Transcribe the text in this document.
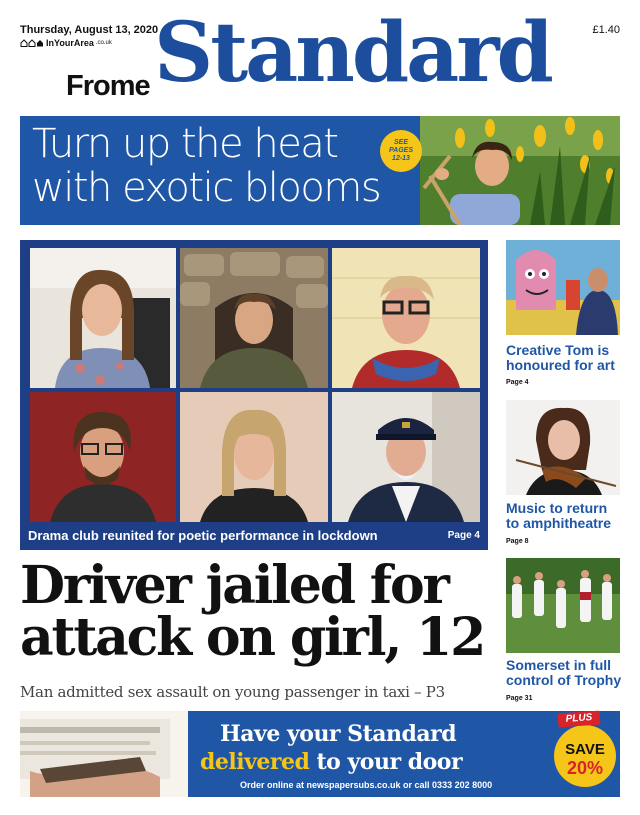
Thursday, August 13, 2020
InYourArea .co.uk
£1.40
Frome Standard
Turn up the heat
with exotic blooms
SEE
PAGES
12-13
Drama club reunited for poetic performance in lockdown	Page 4
Driver jailed for
attack on girl, 12
Man admitted sex assault on young passenger in taxi – P3
Creative Tom is
honoured for art
Page 4
Music to return
to amphitheatre
Page 8
Somerset in full
control of Trophy
Page 31
Have your Standard
delivered to your door
Order online at newspapersubs.co.uk or call 0333 202 8000
SAVE
20%
PLUS
